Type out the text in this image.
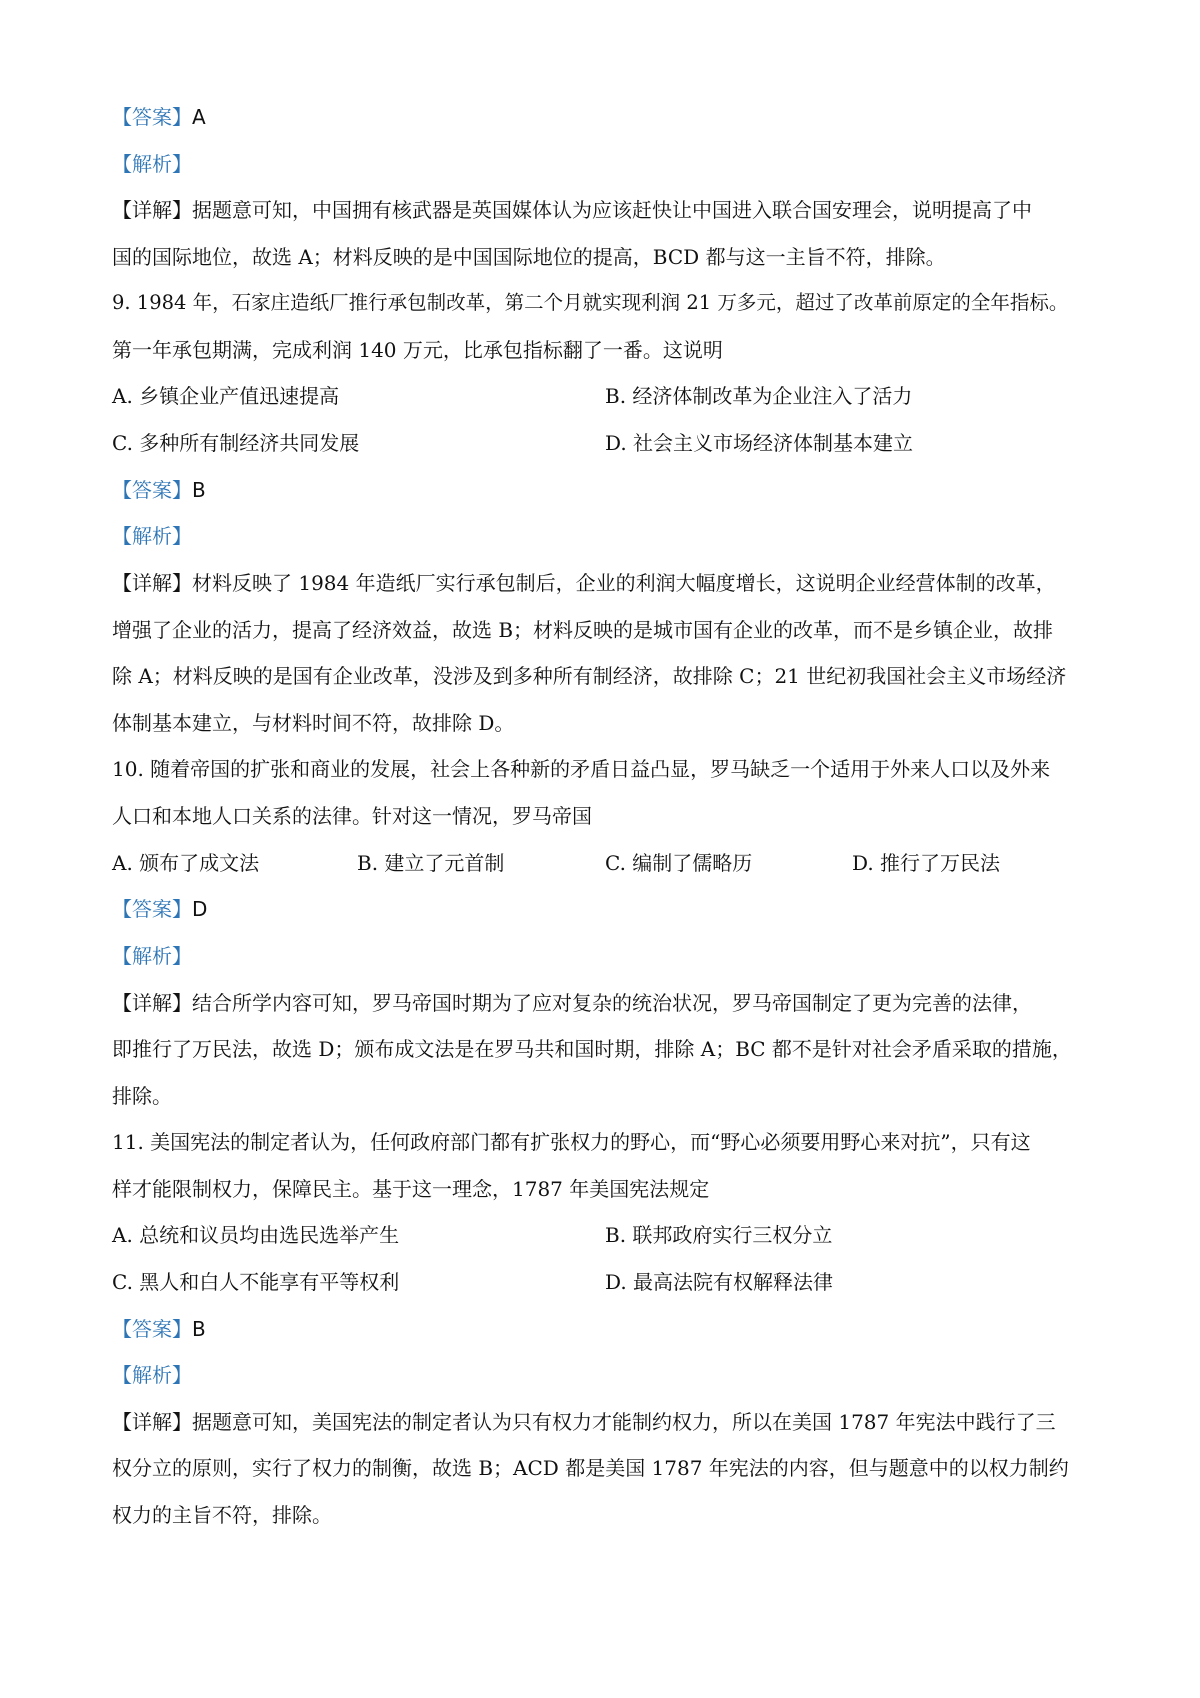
【答案】A
【解析】
【详解】据题意可知，中国拥有核武器是英国媒体认为应该赶快让中国进入联合国安理会，说明提高了中
国的国际地位，故选 A；材料反映的是中国国际地位的提高，BCD 都与这一主旨不符，排除。
9. 1984 年，石家庄造纸厂推行承包制改革，第二个月就实现利润 21 万多元，超过了改革前原定的全年指标。
第一年承包期满，完成利润 140 万元，比承包指标翻了一番。这说明
A. 乡镇企业产值迅速提高	B. 经济体制改革为企业注入了活力
C. 多种所有制经济共同发展	D. 社会主义市场经济体制基本建立
【答案】B
【解析】
【详解】材料反映了 1984 年造纸厂实行承包制后，企业的利润大幅度增长，这说明企业经营体制的改革，
增强了企业的活力，提高了经济效益，故选 B；材料反映的是城市国有企业的改革，而不是乡镇企业，故排
除 A；材料反映的是国有企业改革，没涉及到多种所有制经济，故排除 C；21 世纪初我国社会主义市场经济
体制基本建立，与材料时间不符，故排除 D。
10. 随着帝国的扩张和商业的发展，社会上各种新的矛盾日益凸显，罗马缺乏一个适用于外来人口以及外来
人口和本地人口关系的法律。针对这一情况，罗马帝国
A. 颁布了成文法	B. 建立了元首制	C. 编制了儒略历	D. 推行了万民法
【答案】D
【解析】
【详解】结合所学内容可知，罗马帝国时期为了应对复杂的统治状况，罗马帝国制定了更为完善的法律，
即推行了万民法，故选 D；颁布成文法是在罗马共和国时期，排除 A；BC 都不是针对社会矛盾采取的措施，
排除。
11. 美国宪法的制定者认为，任何政府部门都有扩张权力的野心，而“野心必须要用野心来对抗”，只有这
样才能限制权力，保障民主。基于这一理念，1787 年美国宪法规定
A. 总统和议员均由选民选举产生	B. 联邦政府实行三权分立
C. 黑人和白人不能享有平等权利	D. 最高法院有权解释法律
【答案】B
【解析】
【详解】据题意可知，美国宪法的制定者认为只有权力才能制约权力，所以在美国 1787 年宪法中践行了三
权分立的原则，实行了权力的制衡，故选 B；ACD 都是美国 1787 年宪法的内容，但与题意中的以权力制约
权力的主旨不符，排除。
